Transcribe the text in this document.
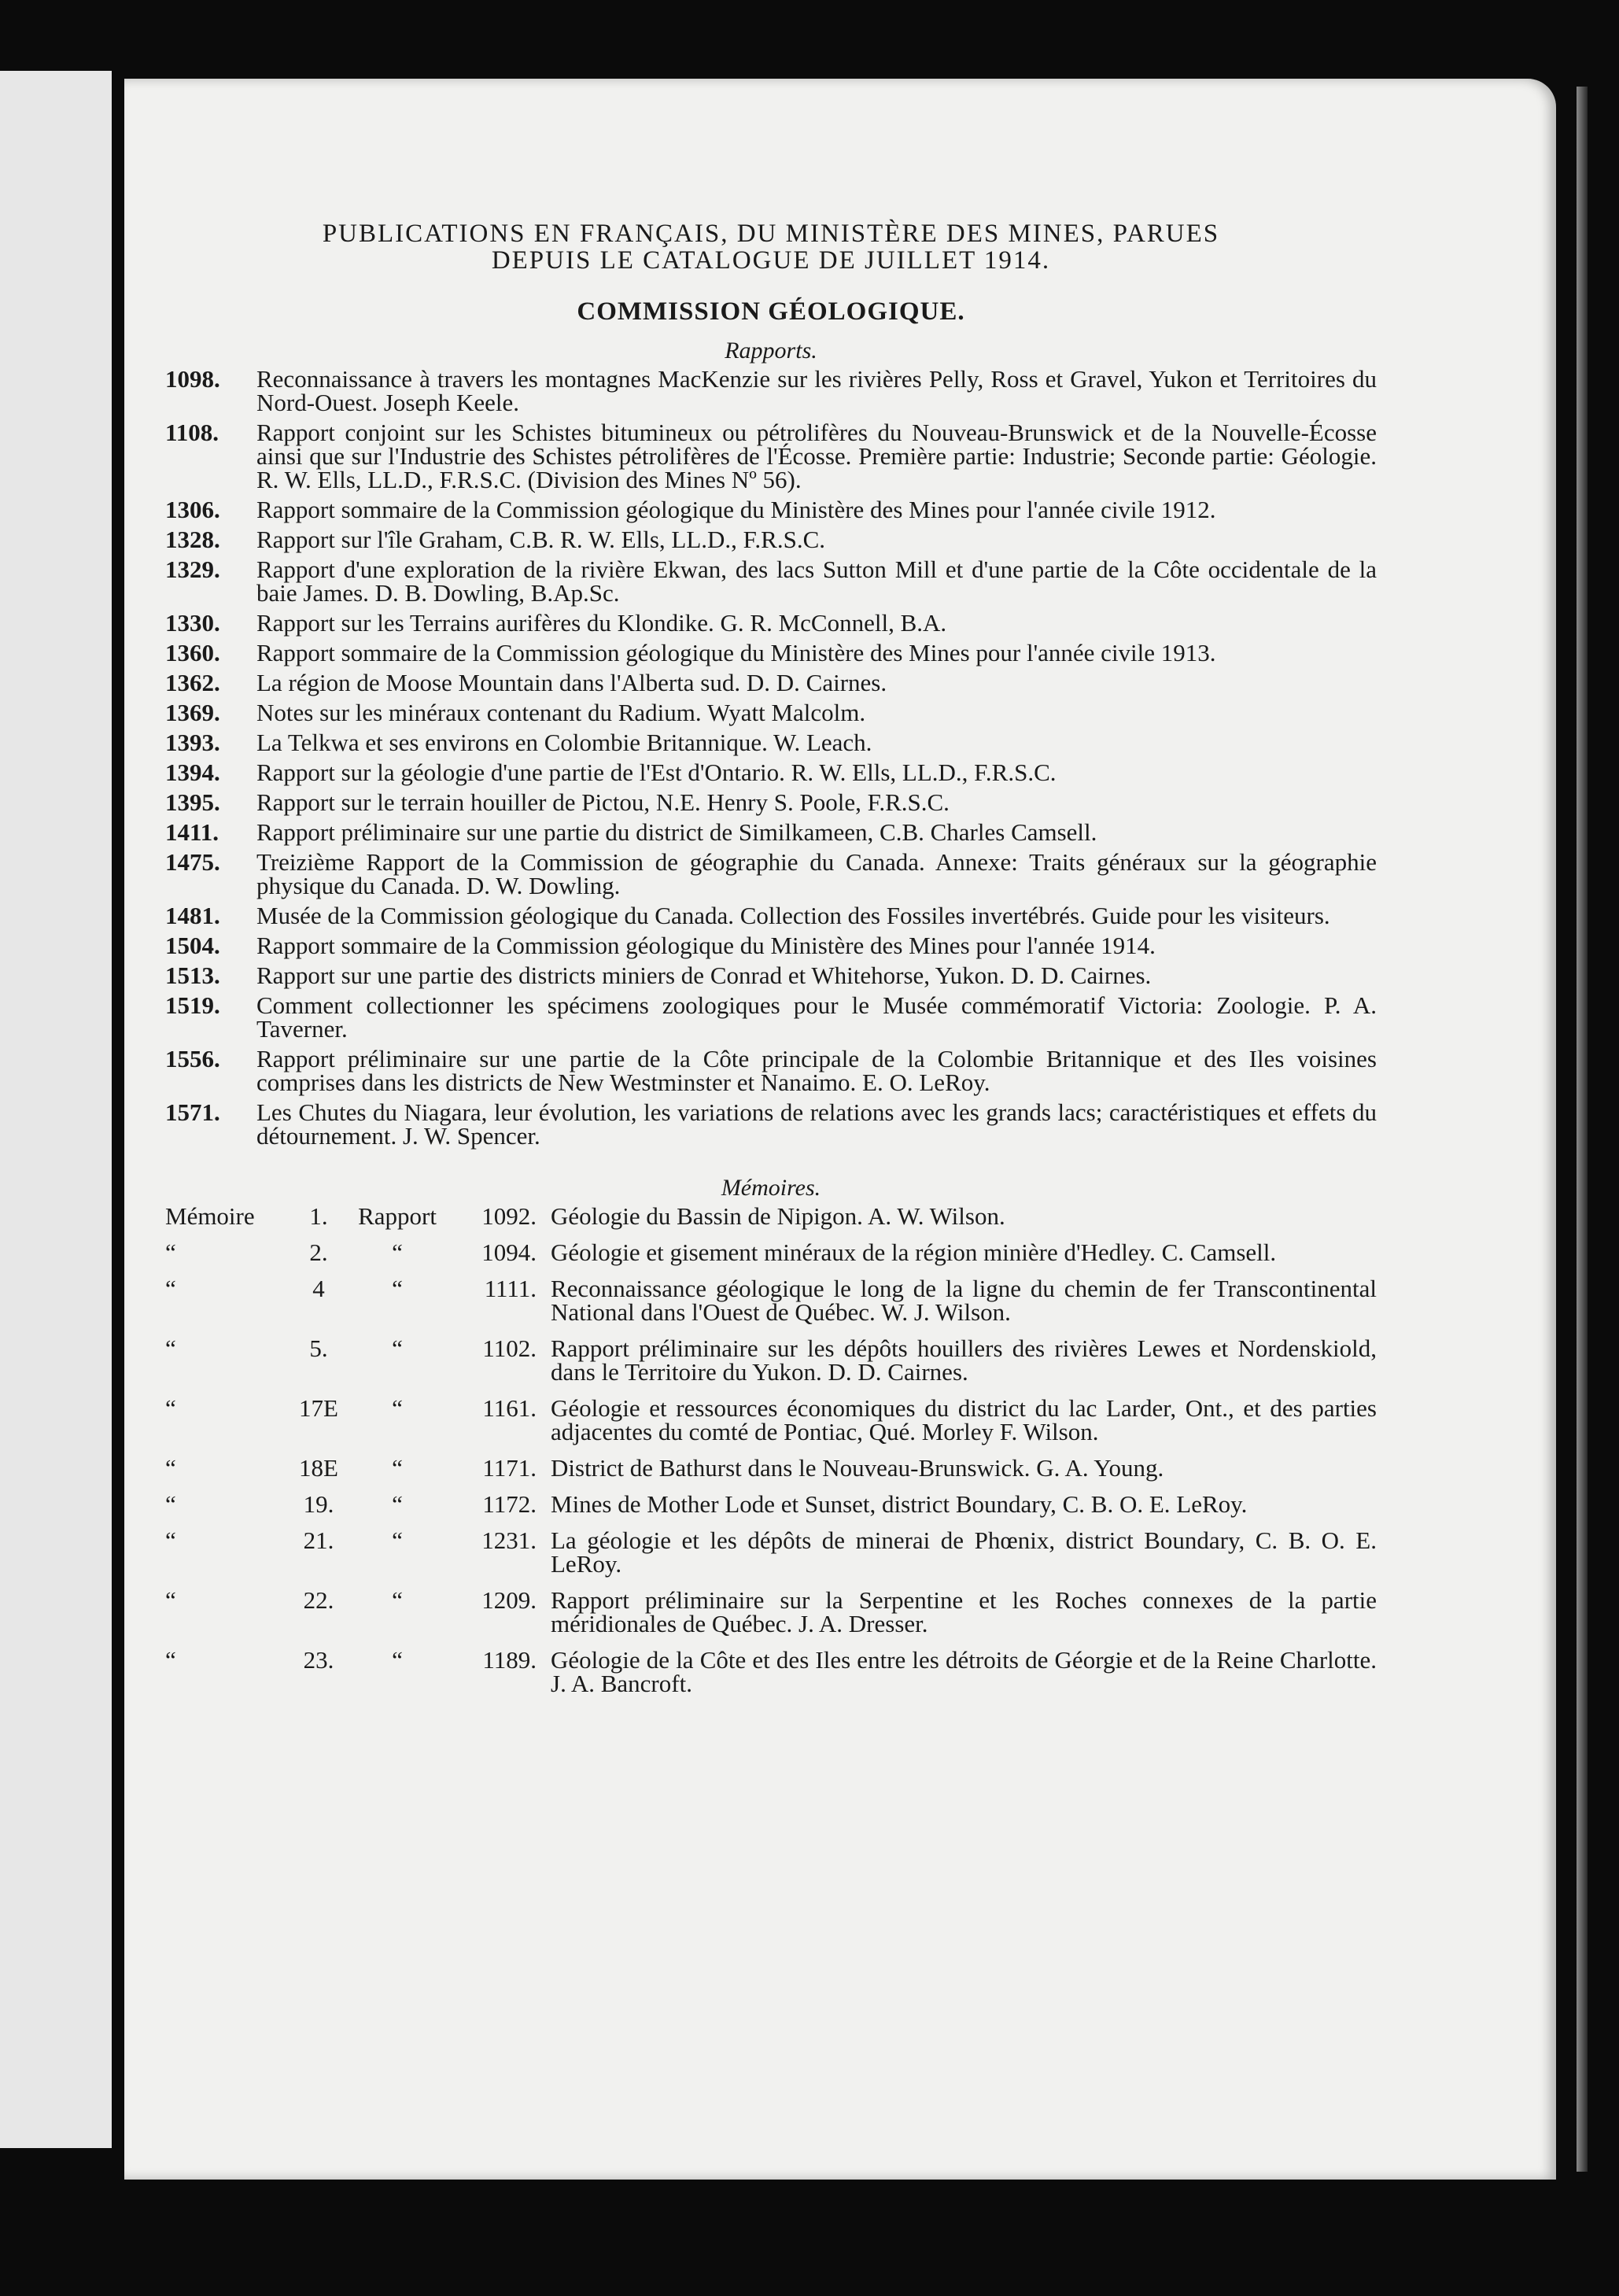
PUBLICATIONS EN FRANÇAIS, DU MINISTÈRE DES MINES, PARUES
DEPUIS LE CATALOGUE DE JUILLET 1914.
COMMISSION GÉOLOGIQUE.
Rapports.
1098.	Reconnaissance à travers les montagnes MacKenzie sur les rivières Pelly, Ross et Gravel, Yukon et Territoires du Nord-Ouest. Joseph Keele.
1108.	Rapport conjoint sur les Schistes bitumineux ou pétrolifères du Nouveau-Brunswick et de la Nouvelle-Écosse ainsi que sur l'Industrie des Schistes pétrolifères de l'Écosse. Première partie: Industrie; Seconde partie: Géologie. R. W. Ells, LL.D., F.R.S.C. (Division des Mines Nº 56).
1306.	Rapport sommaire de la Commission géologique du Ministère des Mines pour l'année civile 1912.
1328.	Rapport sur l'île Graham, C.B. R. W. Ells, LL.D., F.R.S.C.
1329.	Rapport d'une exploration de la rivière Ekwan, des lacs Sutton Mill et d'une partie de la Côte occidentale de la baie James. D. B. Dowling, B.Ap.Sc.
1330.	Rapport sur les Terrains aurifères du Klondike. G. R. McConnell, B.A.
1360.	Rapport sommaire de la Commission géologique du Ministère des Mines pour l'année civile 1913.
1362.	La région de Moose Mountain dans l'Alberta sud. D. D. Cairnes.
1369.	Notes sur les minéraux contenant du Radium. Wyatt Malcolm.
1393.	La Telkwa et ses environs en Colombie Britannique. W. Leach.
1394.	Rapport sur la géologie d'une partie de l'Est d'Ontario. R. W. Ells, LL.D., F.R.S.C.
1395.	Rapport sur le terrain houiller de Pictou, N.E. Henry S. Poole, F.R.S.C.
1411.	Rapport préliminaire sur une partie du district de Similkameen, C.B. Charles Camsell.
1475.	Treizième Rapport de la Commission de géographie du Canada. Annexe: Traits généraux sur la géographie physique du Canada. D. W. Dowling.
1481.	Musée de la Commission géologique du Canada. Collection des Fossiles invertébrés. Guide pour les visiteurs.
1504.	Rapport sommaire de la Commission géologique du Ministère des Mines pour l'année 1914.
1513.	Rapport sur une partie des districts miniers de Conrad et Whitehorse, Yukon. D. D. Cairnes.
1519.	Comment collectionner les spécimens zoologiques pour le Musée commémoratif Victoria: Zoologie. P. A. Taverner.
1556.	Rapport préliminaire sur une partie de la Côte principale de la Colombie Britannique et des Iles voisines comprises dans les districts de New Westminster et Nanaimo. E. O. LeRoy.
1571.	Les Chutes du Niagara, leur évolution, les variations de relations avec les grands lacs; caractéristiques et effets du détournement. J. W. Spencer.
Mémoires.
Mémoire	1.	Rapport	1092. Géologie du Bassin de Nipigon. A. W. Wilson.
“	2.	“	1094. Géologie et gisement minéraux de la région minière d'Hedley. C. Camsell.
“	4	“	1111. Reconnaissance géologique le long de la ligne du chemin de fer Transcontinental National dans l'Ouest de Québec. W. J. Wilson.
“	5.	“	1102. Rapport préliminaire sur les dépôts houillers des rivières Lewes et Nordenskiold, dans le Territoire du Yukon. D. D. Cairnes.
“	17E	“	1161. Géologie et ressources économiques du district du lac Larder, Ont., et des parties adjacentes du comté de Pontiac, Qué. Morley F. Wilson.
“	18E	“	1171. District de Bathurst dans le Nouveau-Brunswick. G. A. Young.
“	19.	“	1172. Mines de Mother Lode et Sunset, district Boundary, C. B. O. E. LeRoy.
“	21.	“	1231. La géologie et les dépôts de minerai de Phœnix, district Boundary, C. B. O. E. LeRoy.
“	22.	“	1209. Rapport préliminaire sur la Serpentine et les Roches connexes de la partie méridionales de Québec. J. A. Dresser.
“	23.	“	1189. Géologie de la Côte et des Iles entre les détroits de Géorgie et de la Reine Charlotte. J. A. Bancroft.
